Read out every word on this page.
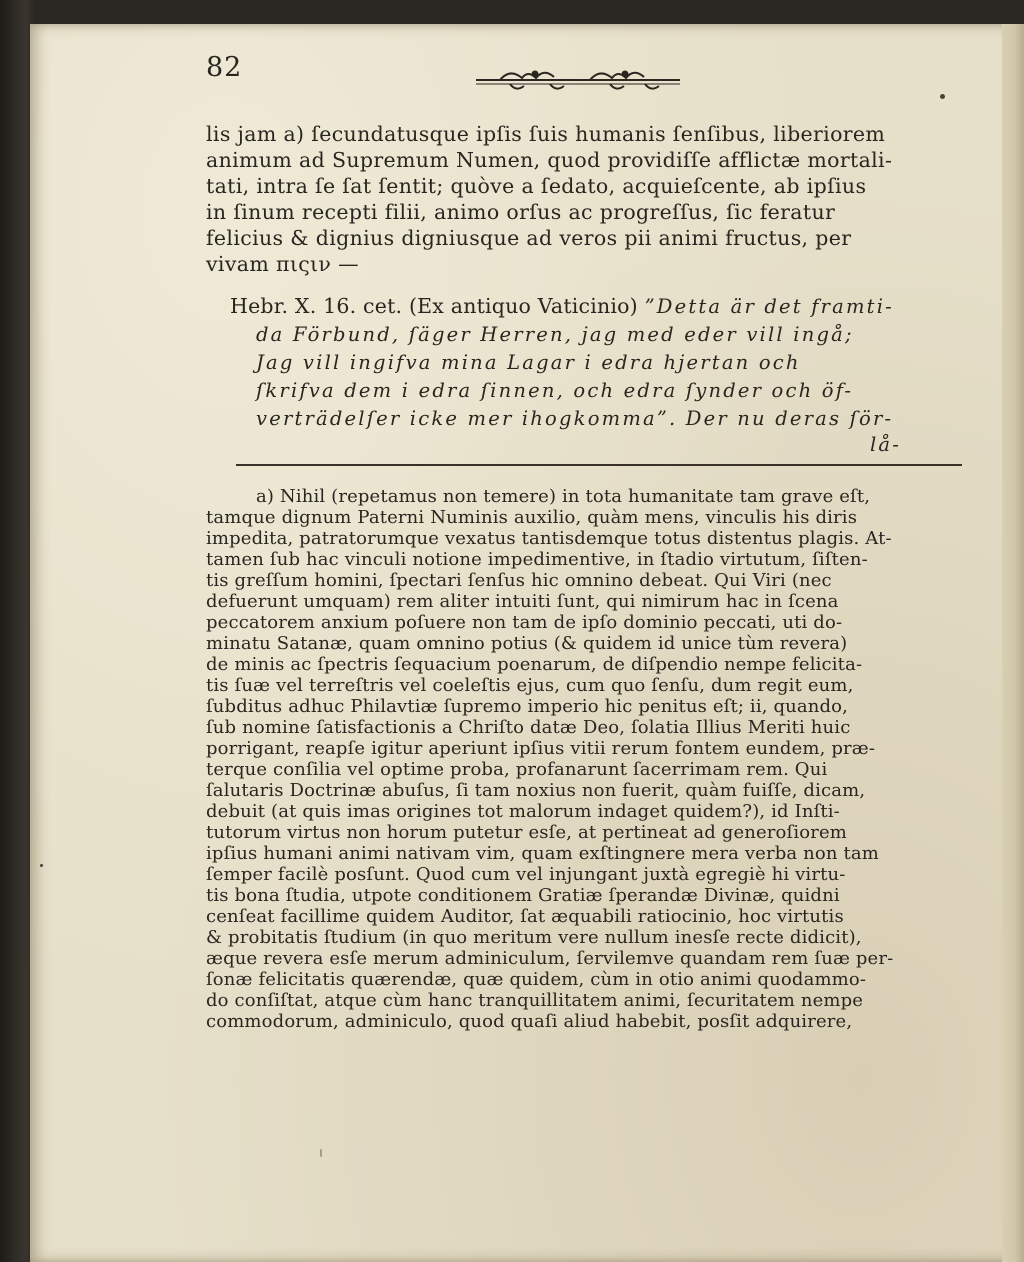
82
lis jam a) ſecundatusque ipſis ſuis humanis ſenſibus, liberiorem
animum ad Supremum Numen, quod providiſſe afflictæ mortali-
tati, intra ſe ſat ſentit; quòve a ſedato, acquieſcente, ab ipſius
in ſinum recepti filii, animo orſus ac progreſſus, ſic feratur
felicius & dignius digniusque ad veros pii animi fructus, per
vivam πιςιν —
Hebr. X. 16. cet. (Ex antiquo Vaticinio) ”Detta är det framti-
da Förbund, ſäger Herren, jag med eder vill ingå;
Jag vill ingifva mina Lagar i edra hjertan och
ſkrifva dem i edra ſinnen, och edra ſynder och öf-
verträdelſer icke mer ihogkomma”. Der nu deras ſör-
lå-
a) Nihil (repetamus non temere) in tota humanitate tam grave eſt,
tamque dignum Paterni Numinis auxilio, quàm mens, vinculis his diris
impedita, patratorumque vexatus tantisdemque totus distentus plagis. At-
tamen ſub hac vinculi notione impedimentive, in ſtadio virtutum, ſiſten-
tis greſſum homini, ſpectari ſenſus hic omnino debeat. Qui Viri (nec
defuerunt umquam) rem aliter intuiti ſunt, qui nimirum hac in ſcena
peccatorem anxium poſuere non tam de ipſo dominio peccati, uti do-
minatu Satanæ, quam omnino potius (& quidem id unice tùm revera)
de minis ac ſpectris ſequacium poenarum, de diſpendio nempe felicita-
tis ſuæ vel terreſtris vel coeleſtis ejus, cum quo ſenſu, dum regit eum,
ſubditus adhuc Philavtiæ ſupremo imperio hic penitus eſt; ii, quando,
ſub nomine ſatisfactionis a Chriſto datæ Deo, ſolatia Illius Meriti huic
porrigant, reapſe igitur aperiunt ipſius vitii rerum fontem eundem, præ-
terque conſilia vel optime proba, profanarunt ſacerrimam rem. Qui
ſalutaris Doctrinæ abuſus, ſi tam noxius non fuerit, quàm fuiſſe, dicam,
debuit (at quis imas origines tot malorum indaget quidem?), id Inſti-
tutorum virtus non horum putetur esſe, at pertineat ad generoſiorem
ipſius humani animi nativam vim, quam exſtingnere mera verba non tam
ſemper facilè posſunt. Quod cum vel injungant juxtà egregiè hi virtu-
tis bona ſtudia, utpote conditionem Gratiæ ſperandæ Divinæ, quidni
cenſeat facillime quidem Auditor, ſat æquabili ratiocinio, hoc virtutis
& probitatis ſtudium (in quo meritum vere nullum inesſe recte didicit),
æque revera esſe merum adminiculum, ſervilemve quandam rem ſuæ per-
ſonæ felicitatis quærendæ, quæ quidem, cùm in otio animi quodammo-
do conſiſtat, atque cùm hanc tranquillitatem animi, ſecuritatem nempe
commodorum, adminiculo, quod quaſi aliud habebit, posſit adquirere,
